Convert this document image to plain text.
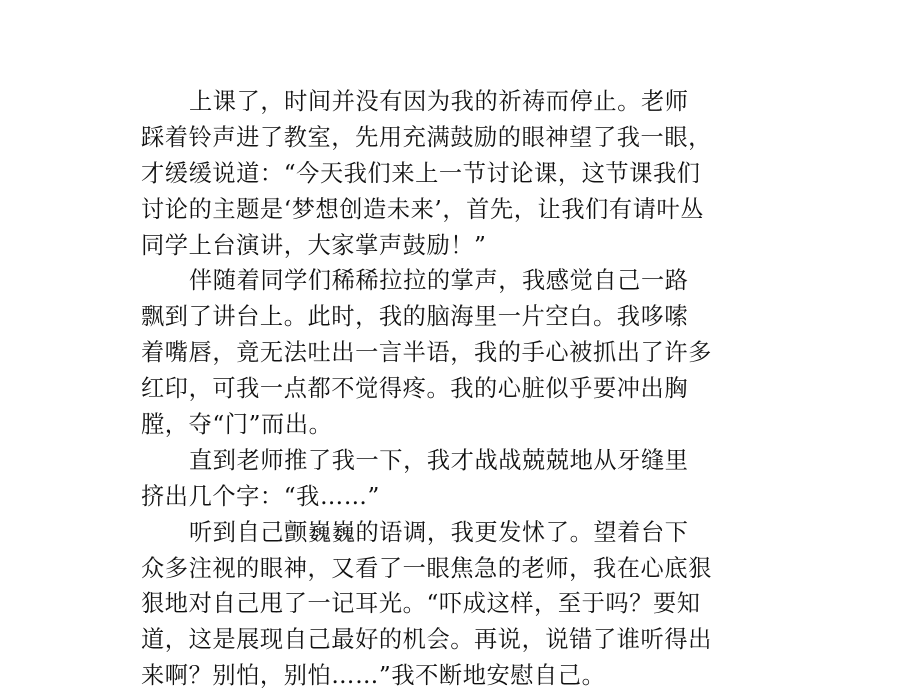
上课了，时间并没有因为我的祈祷而停止。老师
踩着铃声进了教室，先用充满鼓励的眼神望了我一眼，
才缓缓说道：“今天我们来上一节讨论课，这节课我们
讨论的主题是‘梦想创造未来’，首先，让我们有请叶丛
同学上台演讲，大家掌声鼓励！”
伴随着同学们稀稀拉拉的掌声，我感觉自己一路
飘到了讲台上。此时，我的脑海里一片空白。我哆嗦
着嘴唇，竟无法吐出一言半语，我的手心被抓出了许多
红印，可我一点都不觉得疼。我的心脏似乎要冲出胸
膛，夺“门”而出。
直到老师推了我一下，我才战战兢兢地从牙缝里
挤出几个字：“我……”
听到自己颤巍巍的语调，我更发怵了。望着台下
众多注视的眼神，又看了一眼焦急的老师，我在心底狠
狠地对自己甩了一记耳光。“吓成这样，至于吗？要知
道，这是展现自己最好的机会。再说，说错了谁听得出
来啊？别怕，别怕……”我不断地安慰自己。
